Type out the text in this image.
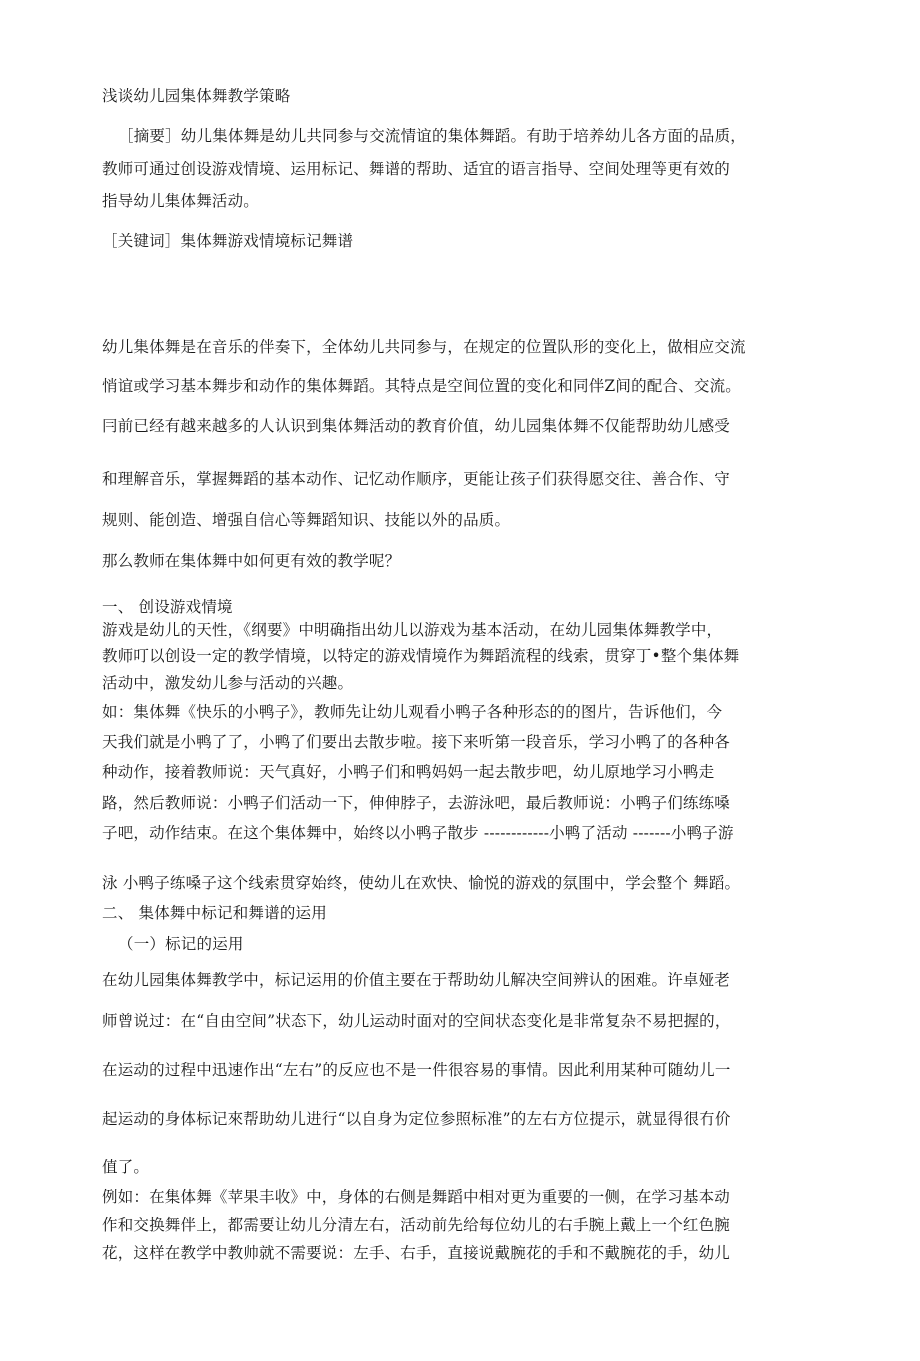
浅谈幼儿园集体舞教学策略
［摘要］幼儿集体舞是幼儿共同参与交流情谊的集体舞蹈。有助于培养幼儿各方面的品质，
教师可通过创设游戏情境、运用标记、舞谱的帮助、适宜的语言指导、空间处理等更有效的
指导幼儿集体舞活动。
［关键词］集体舞游戏情境标记舞谱
幼儿集体舞是在音乐的伴奏下，全体幼儿共同参与，在规定的位置队形的变化上，做相应交流
悄谊或学习基本舞步和动作的集体舞蹈。其特点是空间位置的变化和同伴Z间的配合、交流。
冃前已经有越来越多的人认识到集体舞活动的教育价值，幼儿园集体舞不仅能帮助幼儿感受
和理解音乐，掌握舞蹈的基本动作、记忆动作顺序，更能让孩子们获得愿交往、善合作、守
规则、能创造、增强自信心等舞蹈知识、技能以外的品质。
那么教师在集体舞中如何更有效的教学呢？
一、 创设游戏情境
游戏是幼儿的天性，《纲要》中明确指出幼儿以游戏为基本活动，在幼儿园集体舞教学中，
教师叮以创设一定的教学情境，以特定的游戏情境作为舞蹈流程的线索，贯穿丁•整个集体舞
活动中，激发幼儿参与活动的兴趣。
如：集体舞《快乐的小鸭子》，教师先让幼儿观看小鸭子各种形态的的图片，告诉他们，今
天我们就是小鸭了了，小鸭了们要出去散步啦。接下来听第一段音乐，学习小鸭了的各种各
种动作，接着教师说：天气真好，小鸭子们和鸭妈妈一起去散步吧，幼儿原地学习小鸭走
路，然后教师说：小鸭子们活动一下，伸伸脖子，去游泳吧，最后教师说：小鸭子们练练嗓
子吧，动作结束。在这个集体舞中，始终以小鸭子散步 ------------小鸭了活动 -------小鸭子游
泳 小鸭子练嗓子这个线索贯穿始终，使幼儿在欢快、愉悦的游戏的氛围中，学会整个 舞蹈。
二、 集体舞中标记和舞谱的运用
（一）标记的运用
在幼儿园集体舞教学中，标记运用的价值主要在于帮助幼儿解决空间辨认的困难。许卓娅老
师曾说过：在“自由空间”状态下，幼儿运动时面对的空间状态变化是非常复杂不易把握的，
在运动的过程中迅速作出“左右”的反应也不是一件很容易的事情。因此利用某种可随幼儿一
起运动的身体标记來帮助幼儿进行“以自身为定位参照标准”的左右方位提示，就显得很冇价
值了。
例如：在集体舞《苹果丰收》中，身体的右侧是舞蹈中相对更为重要的一侧，在学习基本动
作和交换舞伴上，都需要让幼儿分清左右，活动前先给每位幼儿的右手腕上戴上一个红色腕
花，这样在教学中教帅就不需要说：左手、右手，直接说戴腕花的手和不戴腕花的手，幼儿
